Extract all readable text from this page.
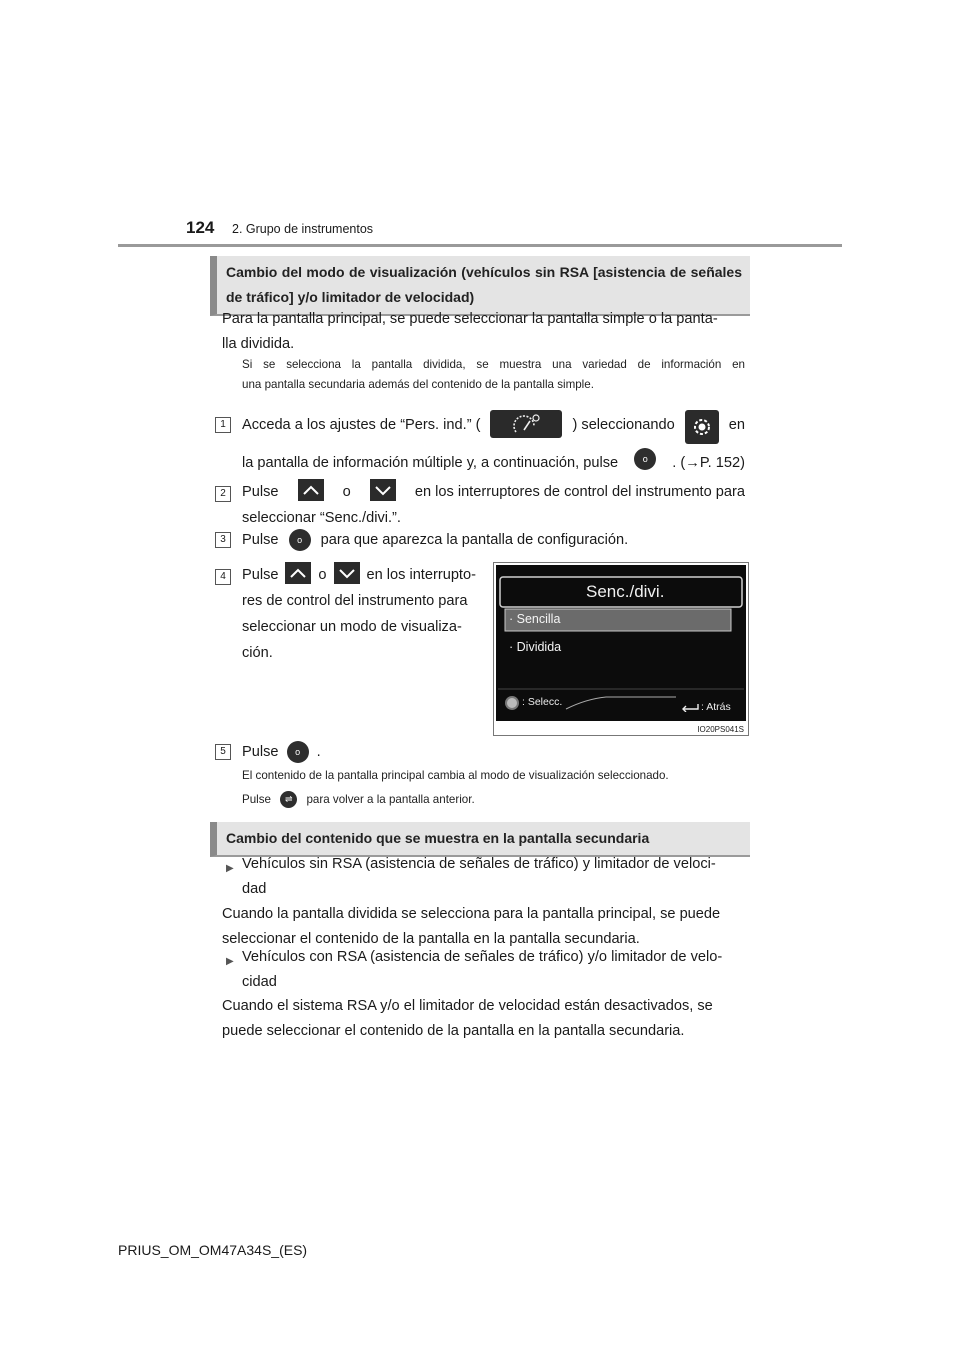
124 2. Grupo de instrumentos
Cambio del modo de visualización (vehículos sin RSA [asistencia de señales de tráfico] y/o limitador de velocidad)
Para la pantalla principal, se puede seleccionar la pantalla simple o la panta-
lla dividida.
Si se selecciona la pantalla dividida, se muestra una variedad de información en
una pantalla secundaria además del contenido de la pantalla simple.
1	Acceda a los ajustes de “Pers. ind.” (	) seleccionando	en
la pantalla de información múltiple y, a continuación, pulse	o	. (→P. 152)
2	Pulse	o	en los interruptores de control del instrumento para
seleccionar “Senc./divi.”.
3	Pulse o para que aparezca la pantalla de configuración.
4	Pulse	o	en los interrupto-
res de control del instrumento para
seleccionar un modo de visualiza-
ción.
Senc./divi.
· Sencilla
· Dividida
: Selecc.	: Atrás
IO20PS041S
5	Pulse o .
El contenido de la pantalla principal cambia al modo de visualización seleccionado.
Pulse ⇌ para volver a la pantalla anterior.
Cambio del contenido que se muestra en la pantalla secundaria
▶ Vehículos sin RSA (asistencia de señales de tráfico) y limitador de veloci-
dad
Cuando la pantalla dividida se selecciona para la pantalla principal, se puede
seleccionar el contenido de la pantalla en la pantalla secundaria.
▶ Vehículos con RSA (asistencia de señales de tráfico) y/o limitador de velo-
cidad
Cuando el sistema RSA y/o el limitador de velocidad están desactivados, se
puede seleccionar el contenido de la pantalla en la pantalla secundaria.
PRIUS_OM_OM47A34S_(ES)
